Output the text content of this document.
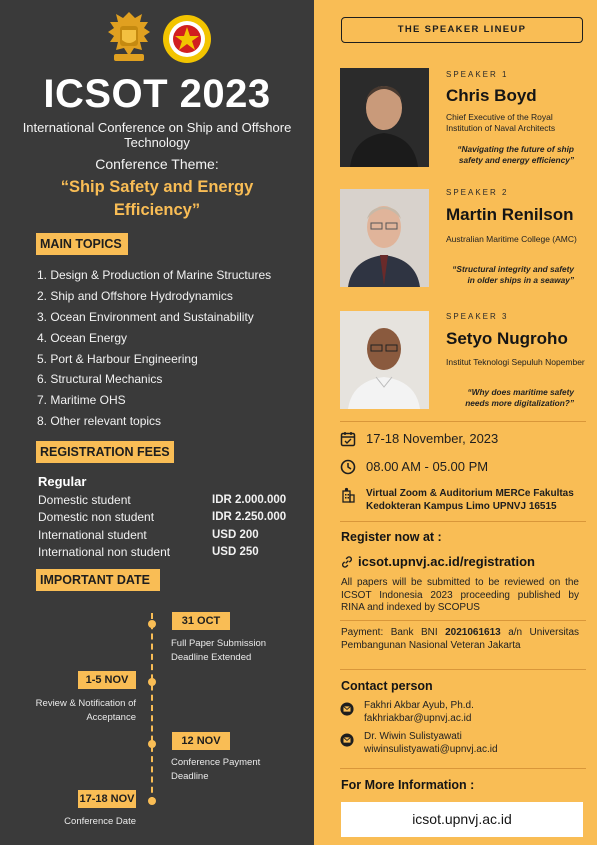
ICSOT 2023
International Conference on Ship and Offshore Technology
Conference Theme:
“Ship Safety and Energy Efficiency”
MAIN TOPICS
1. Design & Production of Marine Structures
2. Ship and Offshore Hydrodynamics
3. Ocean Environment and Sustainability
4. Ocean Energy
5. Port & Harbour Engineering
6. Structural Mechanics
7. Maritime OHS
8. Other relevant topics
REGISTRATION FEES
Regular
Domestic student	IDR 2.000.000
Domestic non student	IDR 2.250.000
International student	USD 200
International non student	USD 250
IMPORTANT DATE
31 OCT
Full Paper Submission Deadline Extended
1-5 NOV
Review & Notification of Acceptance
12 NOV
Conference Payment Deadline
17-18 NOV
Conference Date
THE SPEAKER LINEUP
SPEAKER 1
Chris Boyd
Chief Executive of the Royal Institution of Naval Architects
“Navigating the future of ship safety and energy efficiency”
SPEAKER 2
Martin Renilson
Australian Maritime College (AMC)
“Structural integrity and safety in older ships in a seaway”
SPEAKER 3
Setyo Nugroho
Institut Teknologi Sepuluh Nopember
“Why does maritime safety needs more digitalization?”
17-18 November, 2023
08.00 AM - 05.00 PM
Virtual Zoom & Auditorium MERCe Fakultas Kedokteran Kampus Limo UPNVJ 16515
Register now at :
icsot.upnvj.ac.id/registration
All papers will be submitted to be reviewed on the ICSOT Indonesia 2023 proceeding published by RINA and indexed by SCOPUS
Payment: Bank BNI 2021061613 a/n Universitas Pembangunan Nasional Veteran Jakarta
Contact person
Fakhri Akbar Ayub, Ph.d.
fakhriakbar@upnvj.ac.id
Dr. Wiwin Sulistyawati
wiwinsulistyawati@upnvj.ac.id
For More Information :
icsot.upnvj.ac.id
